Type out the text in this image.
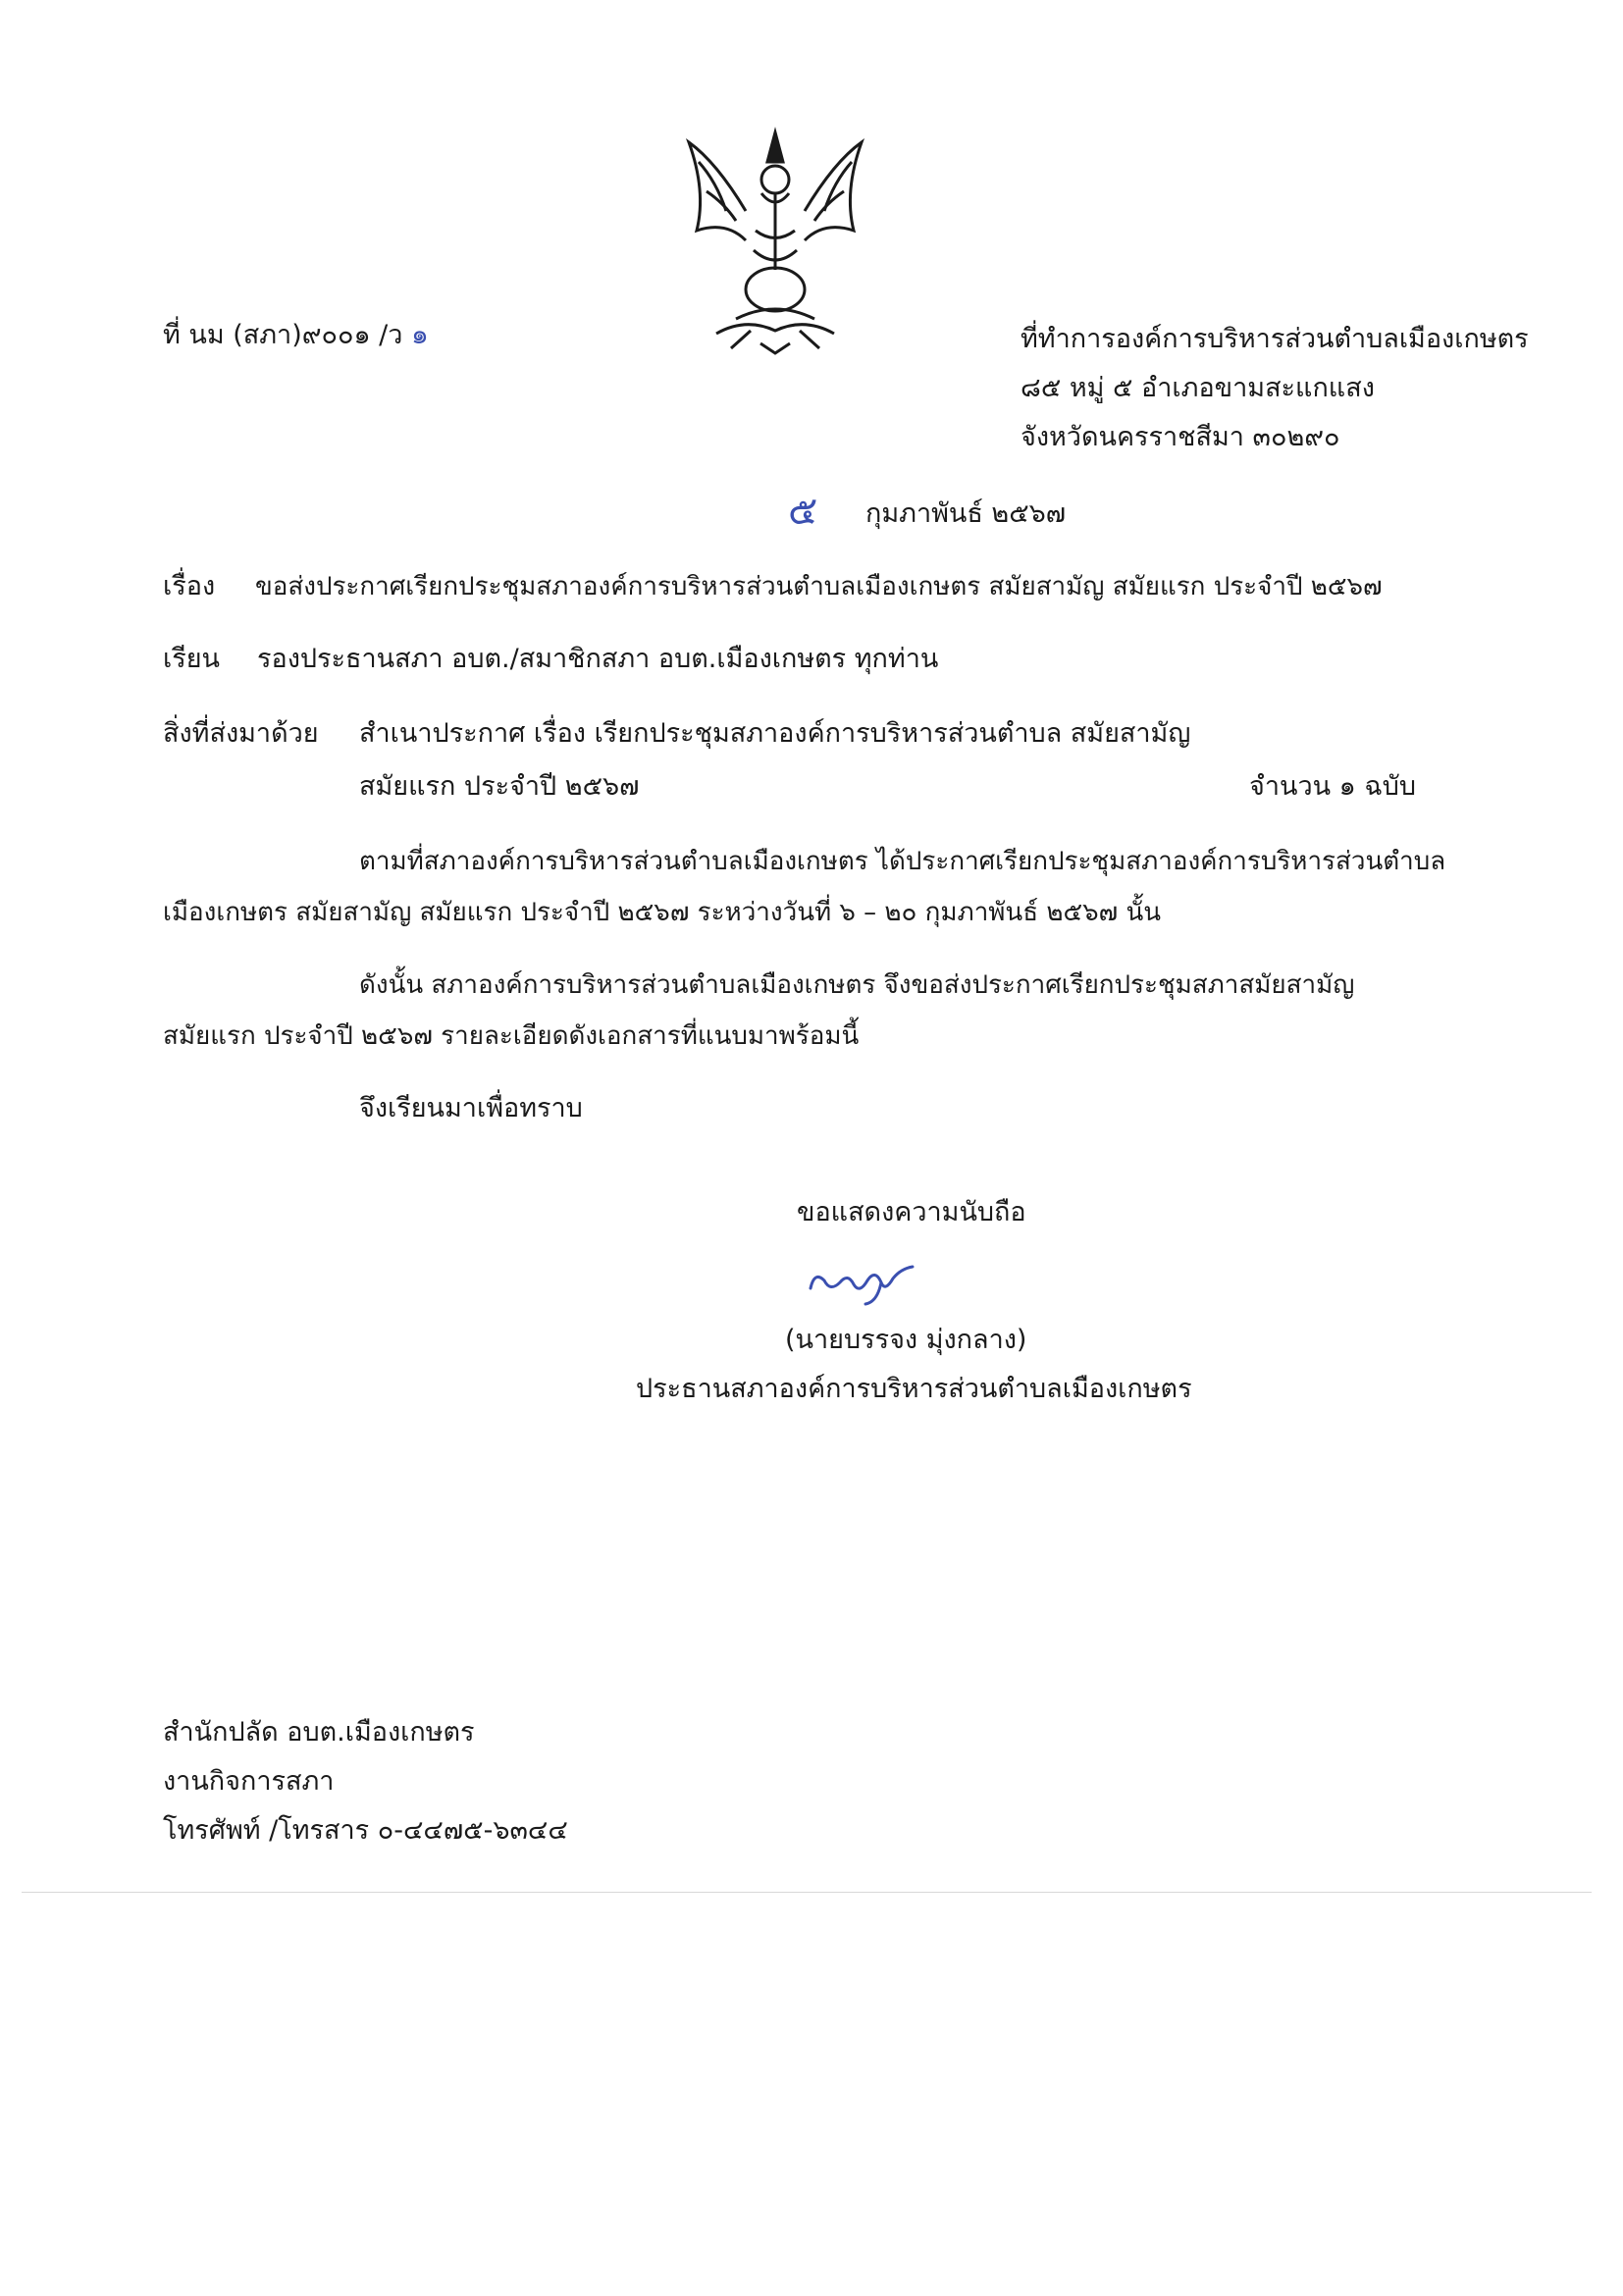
ที่ นม (สภา)๙๐๐๑ /ว ๑	ที่ทำการองค์การบริหารส่วนตำบลเมืองเกษตร
๘๕ หมู่ ๕ อำเภอขามสะแกแสง
จังหวัดนครราชสีมา ๓๐๒๙๐
๕ กุมภาพันธ์ ๒๕๖๗
เรื่อง ขอส่งประกาศเรียกประชุมสภาองค์การบริหารส่วนตำบลเมืองเกษตร สมัยสามัญ สมัยแรก ประจำปี ๒๕๖๗
เรียน รองประธานสภา อบต./สมาชิกสภา อบต.เมืองเกษตร ทุกท่าน
สิ่งที่ส่งมาด้วย สำเนาประกาศ เรื่อง เรียกประชุมสภาองค์การบริหารส่วนตำบล สมัยสามัญ
สมัยแรก ประจำปี ๒๕๖๗	จำนวน ๑ ฉบับ
ตามที่สภาองค์การบริหารส่วนตำบลเมืองเกษตร ได้ประกาศเรียกประชุมสภาองค์การบริหารส่วนตำบล
เมืองเกษตร สมัยสามัญ สมัยแรก ประจำปี ๒๕๖๗ ระหว่างวันที่ ๖ – ๒๐ กุมภาพันธ์ ๒๕๖๗ นั้น
ดังนั้น สภาองค์การบริหารส่วนตำบลเมืองเกษตร จึงขอส่งประกาศเรียกประชุมสภาสมัยสามัญ
สมัยแรก ประจำปี ๒๕๖๗ รายละเอียดดังเอกสารที่แนบมาพร้อมนี้
จึงเรียนมาเพื่อทราบ
ขอแสดงความนับถือ
(นายบรรจง มุ่งกลาง)
ประธานสภาองค์การบริหารส่วนตำบลเมืองเกษตร
สำนักปลัด อบต.เมืองเกษตร
งานกิจการสภา
โทรศัพท์ /โทรสาร ๐-๔๔๗๕-๖๓๔๔
